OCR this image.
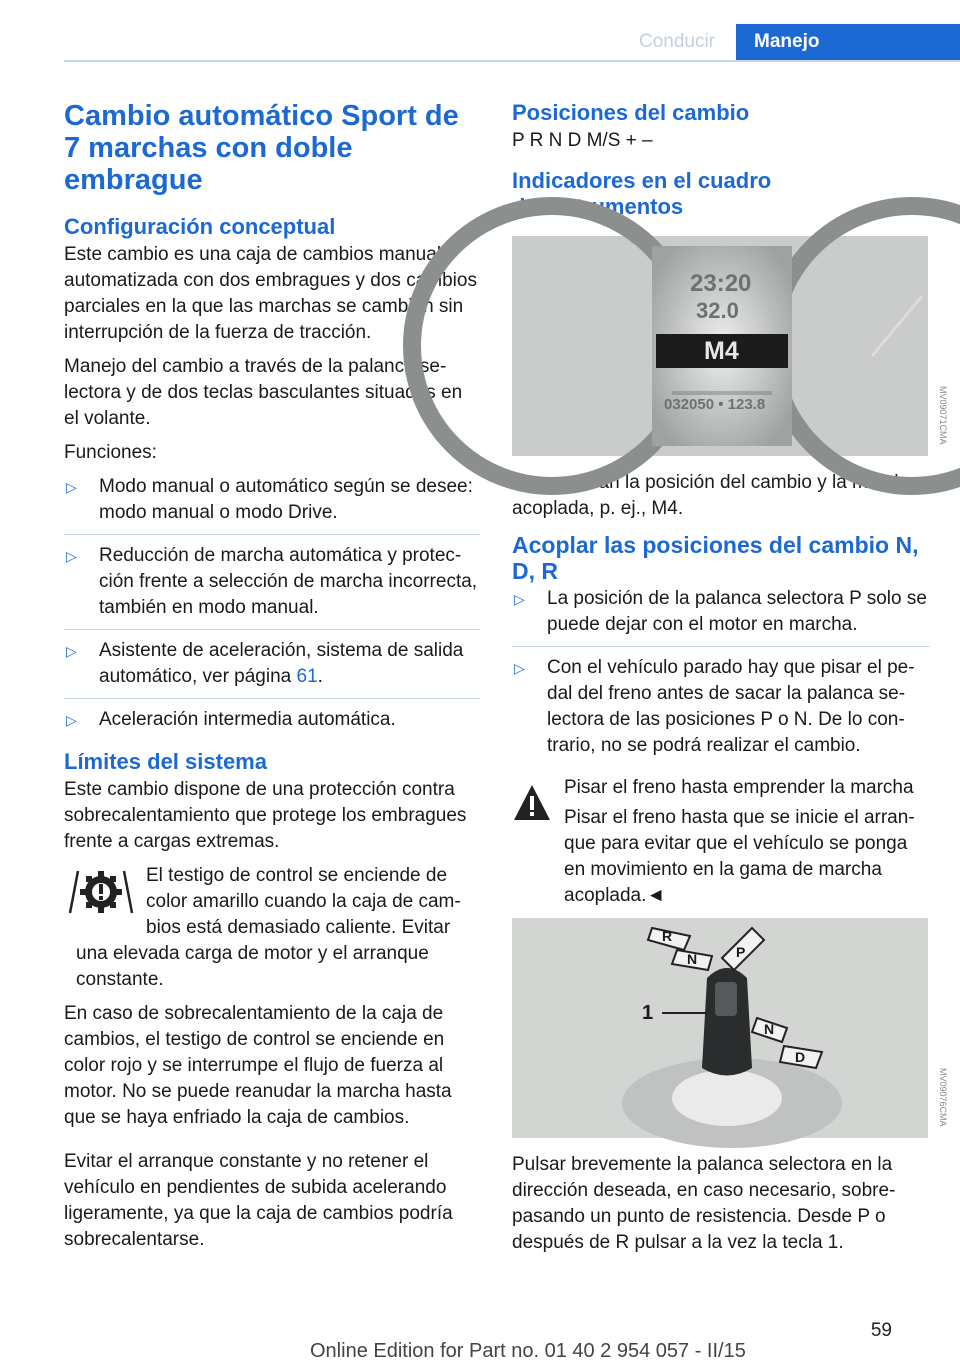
Conducir	Manejo
Cambio automático Sport de 7 marchas con doble embrague
Configuración conceptual

Este cambio es una caja de cambios manual automatizada con dos embragues y dos cambios parciales en la que las marchas se cambian sin interrupción de la fuerza de tracción.

Manejo del cambio a través de la palanca selectora y de dos teclas basculantes situadas en el volante.

Funciones:

▷ Modo manual o automático según se desee: modo manual o modo Drive.
▷ Reducción de marcha automática y protección frente a selección de marcha incorrecta, también en modo manual.
▷ Asistente de aceleración, sistema de salida automático, ver página 61.
▷ Aceleración intermedia automática.
Límites del sistema

Este cambio dispone de una protección contra sobrecalentamiento que protege los embragues frente a cargas extremas.

El testigo de control se enciende de color amarillo cuando la caja de cambios está demasiado caliente. Evitar una elevada carga de motor y el arranque constante.

En caso de sobrecalentamiento de la caja de cambios, el testigo de control se enciende en color rojo y se interrumpe el flujo de fuerza al motor. No se puede reanudar la marcha hasta que se haya enfriado la caja de cambios.

Evitar el arranque constante y no retener el vehículo en pendientes de subida acelerando ligeramente, ya que la caja de cambios podría sobrecalentarse.

Posiciones del cambio

P R N D M/S + –

Indicadores en el cuadro de instrumentos
23:20
32.0
M4
032050 • 123.8	MV09071CMA

Se muestran la posición del cambio y la marcha acoplada, p. ej., M4.

Acoplar las posiciones del cambio N, D, R
▷ La posición de la palanca selectora P solo se puede dejar con el motor en marcha.
▷ Con el vehículo parado hay que pisar el pedal del freno antes de sacar la palanca selectora de las posiciones P o N. De lo contrario, no se podrá realizar el cambio.

Pisar el freno hasta emprender la marcha

Pisar el freno hasta que se inicie el arranque para evitar que el vehículo se ponga en movimiento en la gama de marcha acoplada.◄

1
R
N	P
N
D
MV09076CMA

Pulsar brevemente la palanca selectora en la dirección deseada, en caso necesario, sobrepasando un punto de resistencia. Desde P o después de R pulsar a la vez la tecla 1.

59
Online Edition for Part no. 01 40 2 954 057 - II/15
